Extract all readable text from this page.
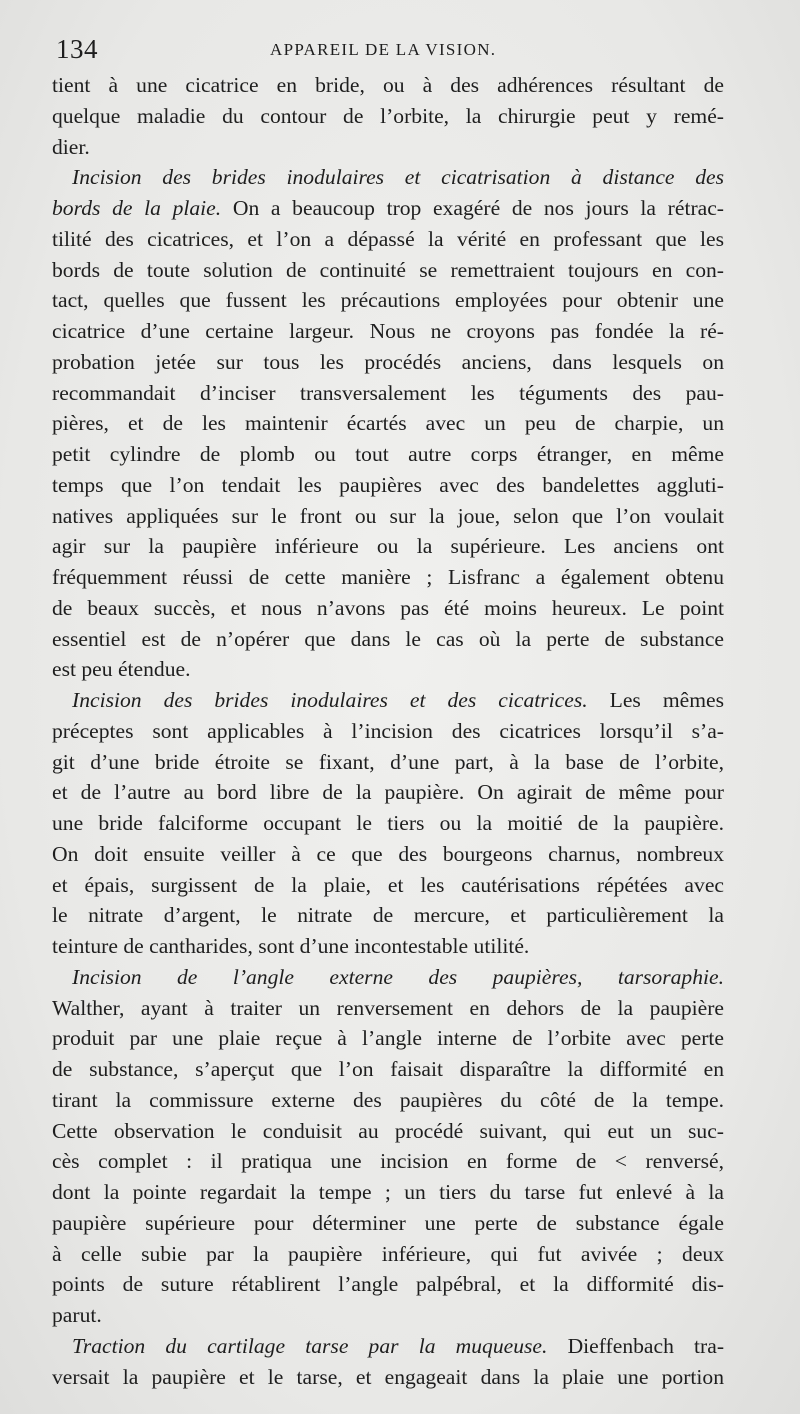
134	APPAREIL DE LA VISION.
tient à une cicatrice en bride, ou à des adhérences résultant de
quelque maladie du contour de l’orbite, la chirurgie peut y remé-
dier.
Incision des brides inodulaires et cicatrisation à distance des
bords de la plaie. On a beaucoup trop exagéré de nos jours la rétrac-
tilité des cicatrices, et l’on a dépassé la vérité en professant que les
bords de toute solution de continuité se remettraient toujours en con-
tact, quelles que fussent les précautions employées pour obtenir une
cicatrice d’une certaine largeur. Nous ne croyons pas fondée la ré-
probation jetée sur tous les procédés anciens, dans lesquels on
recommandait d’inciser transversalement les téguments des pau-
pières, et de les maintenir écartés avec un peu de charpie, un
petit cylindre de plomb ou tout autre corps étranger, en même
temps que l’on tendait les paupières avec des bandelettes aggluti-
natives appliquées sur le front ou sur la joue, selon que l’on voulait
agir sur la paupière inférieure ou la supérieure. Les anciens ont
fréquemment réussi de cette manière ; Lisfranc a également obtenu
de beaux succès, et nous n’avons pas été moins heureux. Le point
essentiel est de n’opérer que dans le cas où la perte de substance
est peu étendue.
Incision des brides inodulaires et des cicatrices. Les mêmes
préceptes sont applicables à l’incision des cicatrices lorsqu’il s’a-
git d’une bride étroite se fixant, d’une part, à la base de l’orbite,
et de l’autre au bord libre de la paupière. On agirait de même pour
une bride falciforme occupant le tiers ou la moitié de la paupière.
On doit ensuite veiller à ce que des bourgeons charnus, nombreux
et épais, surgissent de la plaie, et les cautérisations répétées avec
le nitrate d’argent, le nitrate de mercure, et particulièrement la
teinture de cantharides, sont d’une incontestable utilité.
Incision de l’angle externe des paupières, tarsoraphie.
Walther, ayant à traiter un renversement en dehors de la paupière
produit par une plaie reçue à l’angle interne de l’orbite avec perte
de substance, s’aperçut que l’on faisait disparaître la difformité en
tirant la commissure externe des paupières du côté de la tempe.
Cette observation le conduisit au procédé suivant, qui eut un suc-
cès complet : il pratiqua une incision en forme de < renversé,
dont la pointe regardait la tempe ; un tiers du tarse fut enlevé à la
paupière supérieure pour déterminer une perte de substance égale
à celle subie par la paupière inférieure, qui fut avivée ; deux
points de suture rétablirent l’angle palpébral, et la difformité dis-
parut.
Traction du cartilage tarse par la muqueuse. Dieffenbach tra-
versait la paupière et le tarse, et engageait dans la plaie une portion
